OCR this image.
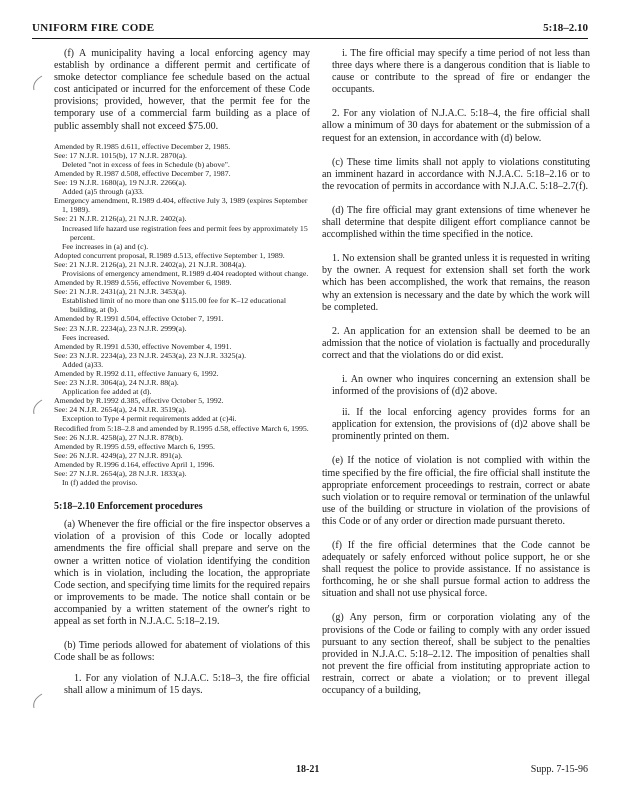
UNIFORM FIRE CODE	5:18–2.10

(f) A municipality having a local enforcing agency may establish by ordinance a different permit and certificate of smoke detector compliance fee schedule based on the actual cost anticipated or incurred for the enforcement of these Code provisions; provided, however, that the permit fee for the temporary use of a commercial farm building as a place of public assembly shall not exceed $75.00.

Amended by R.1985 d.611, effective December 2, 1985.

See: 17 N.J.R. 1015(b), 17 N.J.R. 2870(a).

Deleted "not in excess of fees in Schedule (b) above".

Amended by R.1987 d.508, effective December 7, 1987.

See: 19 N.J.R. 1680(a), 19 N.J.R. 2266(a).

Added (a)5 through (a)33.

Emergency amendment, R.1989 d.404, effective July 3, 1989 (expires September 1, 1989).

See: 21 N.J.R. 2126(a), 21 N.J.R. 2402(a).

Increased life hazard use registration fees and permit fees by approximately 15 percent.

Fee increases in (a) and (c).

Adopted concurrent proposal, R.1989 d.513, effective September 1, 1989.

See: 21 N.J.R. 2126(a), 21 N.J.R. 2402(a), 21 N.J.R. 3084(a).

Provisions of emergency amendment, R.1989 d.404 readopted without change.

Amended by R.1989 d.556, effective November 6, 1989.

See: 21 N.J.R. 2431(a), 21 N.J.R. 3453(a).

Established limit of no more than one $115.00 fee for K–12 educational building, at (b).

Amended by R.1991 d.504, effective October 7, 1991.

See: 23 N.J.R. 2234(a), 23 N.J.R. 2999(a).

Fees increased.

Amended by R.1991 d.530, effective November 4, 1991.

See: 23 N.J.R. 2234(a), 23 N.J.R. 2453(a), 23 N.J.R. 3325(a).

Added (a)33.

Amended by R.1992 d.11, effective January 6, 1992.

See: 23 N.J.R. 3064(a), 24 N.J.R. 88(a).

Application fee added at (d).

Amended by R.1992 d.385, effective October 5, 1992.

See: 24 N.J.R. 2654(a), 24 N.J.R. 3519(a).

Exception to Type 4 permit requirements added at (c)4i.

Recodified from 5:18–2.8 and amended by R.1995 d.58, effective March 6, 1995.

See: 26 N.J.R. 4258(a), 27 N.J.R. 878(b).

Amended by R.1995 d.59, effective March 6, 1995.

See: 26 N.J.R. 4249(a), 27 N.J.R. 891(a).

Amended by R.1996 d.164, effective April 1, 1996.

See: 27 N.J.R. 2654(a), 28 N.J.R. 1833(a).

In (f) added the proviso.

5:18–2.10 Enforcement procedures

(a) Whenever the fire official or the fire inspector observes a violation of a provision of this Code or locally adopted amendments the fire official shall prepare and serve on the owner a written notice of violation identifying the condition which is in violation, including the location, the appropriate Code section, and specifying time limits for the required repairs or improvements to be made. The notice shall contain or be accompanied by a written statement of the owner's right to appeal as set forth in N.J.A.C. 5:18–2.19.

(b) Time periods allowed for abatement of violations of this Code shall be as follows:

1. For any violation of N.J.A.C. 5:18–3, the fire official shall allow a minimum of 15 days.

i. The fire official may specify a time period of not less than three days where there is a dangerous condition that is liable to cause or contribute to the spread of fire or endanger the occupants.

2. For any violation of N.J.A.C. 5:18–4, the fire official shall allow a minimum of 30 days for abatement or the submission of a request for an extension, in accordance with (d) below.

(c) These time limits shall not apply to violations constituting an imminent hazard in accordance with N.J.A.C. 5:18–2.16 or to the revocation of permits in accordance with N.J.A.C. 5:18–2.7(f).

(d) The fire official may grant extensions of time whenever he shall determine that despite diligent effort compliance cannot be accomplished within the time specified in the notice.

1. No extension shall be granted unless it is requested in writing by the owner. A request for extension shall set forth the work which has been accomplished, the work that remains, the reason why an extension is necessary and the date by which the work will be completed.

2. An application for an extension shall be deemed to be an admission that the notice of violation is factually and procedurally correct and that the violations do or did exist.

i. An owner who inquires concerning an extension shall be informed of the provisions of (d)2 above.

ii. If the local enforcing agency provides forms for an application for extension, the provisions of (d)2 above shall be prominently printed on them.

(e) If the notice of violation is not complied with within the time specified by the fire official, the fire official shall institute the appropriate enforcement proceedings to restrain, correct or abate such violation or to require removal or termination of the unlawful use of the building or structure in violation of the provisions of this Code or of any order or direction made pursuant thereto.

(f) If the fire official determines that the Code cannot be adequately or safely enforced without police support, he or she shall request the police to provide assistance. If no assistance is forthcoming, he or she shall pursue formal action to address the situation and shall not use physical force.

(g) Any person, firm or corporation violating any of the provisions of the Code or failing to comply with any order issued pursuant to any section thereof, shall be subject to the penalties provided in N.J.A.C. 5:18–2.12. The imposition of penalties shall not prevent the fire official from instituting appropriate action to restrain, correct or abate a violation; or to prevent illegal occupancy of a building,

18-21	Supp. 7-15-96
